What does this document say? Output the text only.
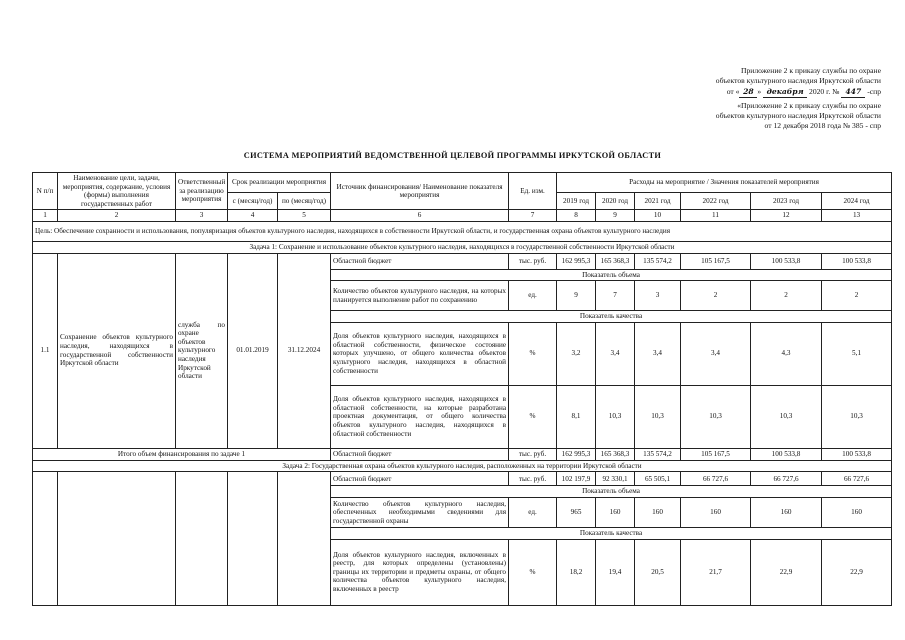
Приложение 2 к приказу службы по охране
объектов культурного наследия Иркутской области
от « 28 » декабря 2020 г. № 447 -спр
«Приложение 2 к приказу службы по охране
объектов культурного наследия Иркутской области
от 12 декабря 2018 года № 385 - спр
СИСТЕМА МЕРОПРИЯТИЙ ВЕДОМСТВЕННОЙ ЦЕЛЕВОЙ ПРОГРАММЫ ИРКУТСКОЙ ОБЛАСТИ
N п/п	Наименование цели, задачи, мероприятия, содержание, условия (формы) выполнения государственных работ	Ответственный за реализацию мероприятия	Срок реализации мероприятия		Источник финансирования/ Наименование показателя мероприятия	Ед. изм.	Расходы на мероприятие / Значения показателей мероприятия					
			с (месяц/год)	по (месяц/год)			2019 год	2020 год	2021 год	2022 год	2023 год	2024 год

1	2	3	4	5	6	7	8	9	10	11	12	13
Цель: Обеспечение сохранности и использования, популяризация объектов культурного наследия, находящихся в собственности Иркутской области, и государственная охрана объектов культурного наследия												
Задача 1: Сохранение и использование объектов культурного наследия, находящихся в государственной собственности Иркутской области												
1.1	Сохранение объектов культурного наследия, находящихся в государственной собственности Иркутской области	служба по охране объектов культурного наследия Иркутской области	01.01.2019	31.12.2024	Областной бюджет	тыс. руб.	162 995,3	165 368,3	135 574,2	105 167,5	100 533,8	100 533,8
					Показатель объема							
					Количество объектов культурного наследия, на которых планируется выполнение работ по сохранению	ед.	9	7	3	2	2	2
					Показатель качества							
					Доля объектов культурного наследия, находящихся в областной собственности, физическое состояние которых улучшено, от общего количества объектов культурного наследия, находящихся в областной собственности	%	3,2	3,4	3,4	3,4	4,3	5,1
					Доля объектов культурного наследия, находящихся в областной собственности, на которые разработана проектная документация, от общего количества объектов культурного наследия, находящихся в областной собственности	%	8,1	10,3	10,3	10,3	10,3	10,3

Итого объем финансирования по задаче 1					Областной бюджет	тыс. руб.	162 995,3	165 368,3	135 574,2	105 167,5	100 533,8	100 533,8
Задача 2: Государственная охрана объектов культурного наследия, расположенных на территории Иркутской области												
					Областной бюджет	тыс. руб.	102 197,9	92 330,1	65 505,1	66 727,6	66 727,6	66 727,6
					Показатель объема							
					Количество объектов культурного наследия, обеспеченных необходимыми сведениями для государственной охраны	ед.	965	160	160	160	160	160
					Показатель качества							
					Доля объектов культурного наследия, включенных в реестр, для которых определены (установлены) границы их территории и предметы охраны, от общего количества объектов культурного наследия, включенных в реестр	%	18,2	19,4	20,5	21,7	22,9	22,9
